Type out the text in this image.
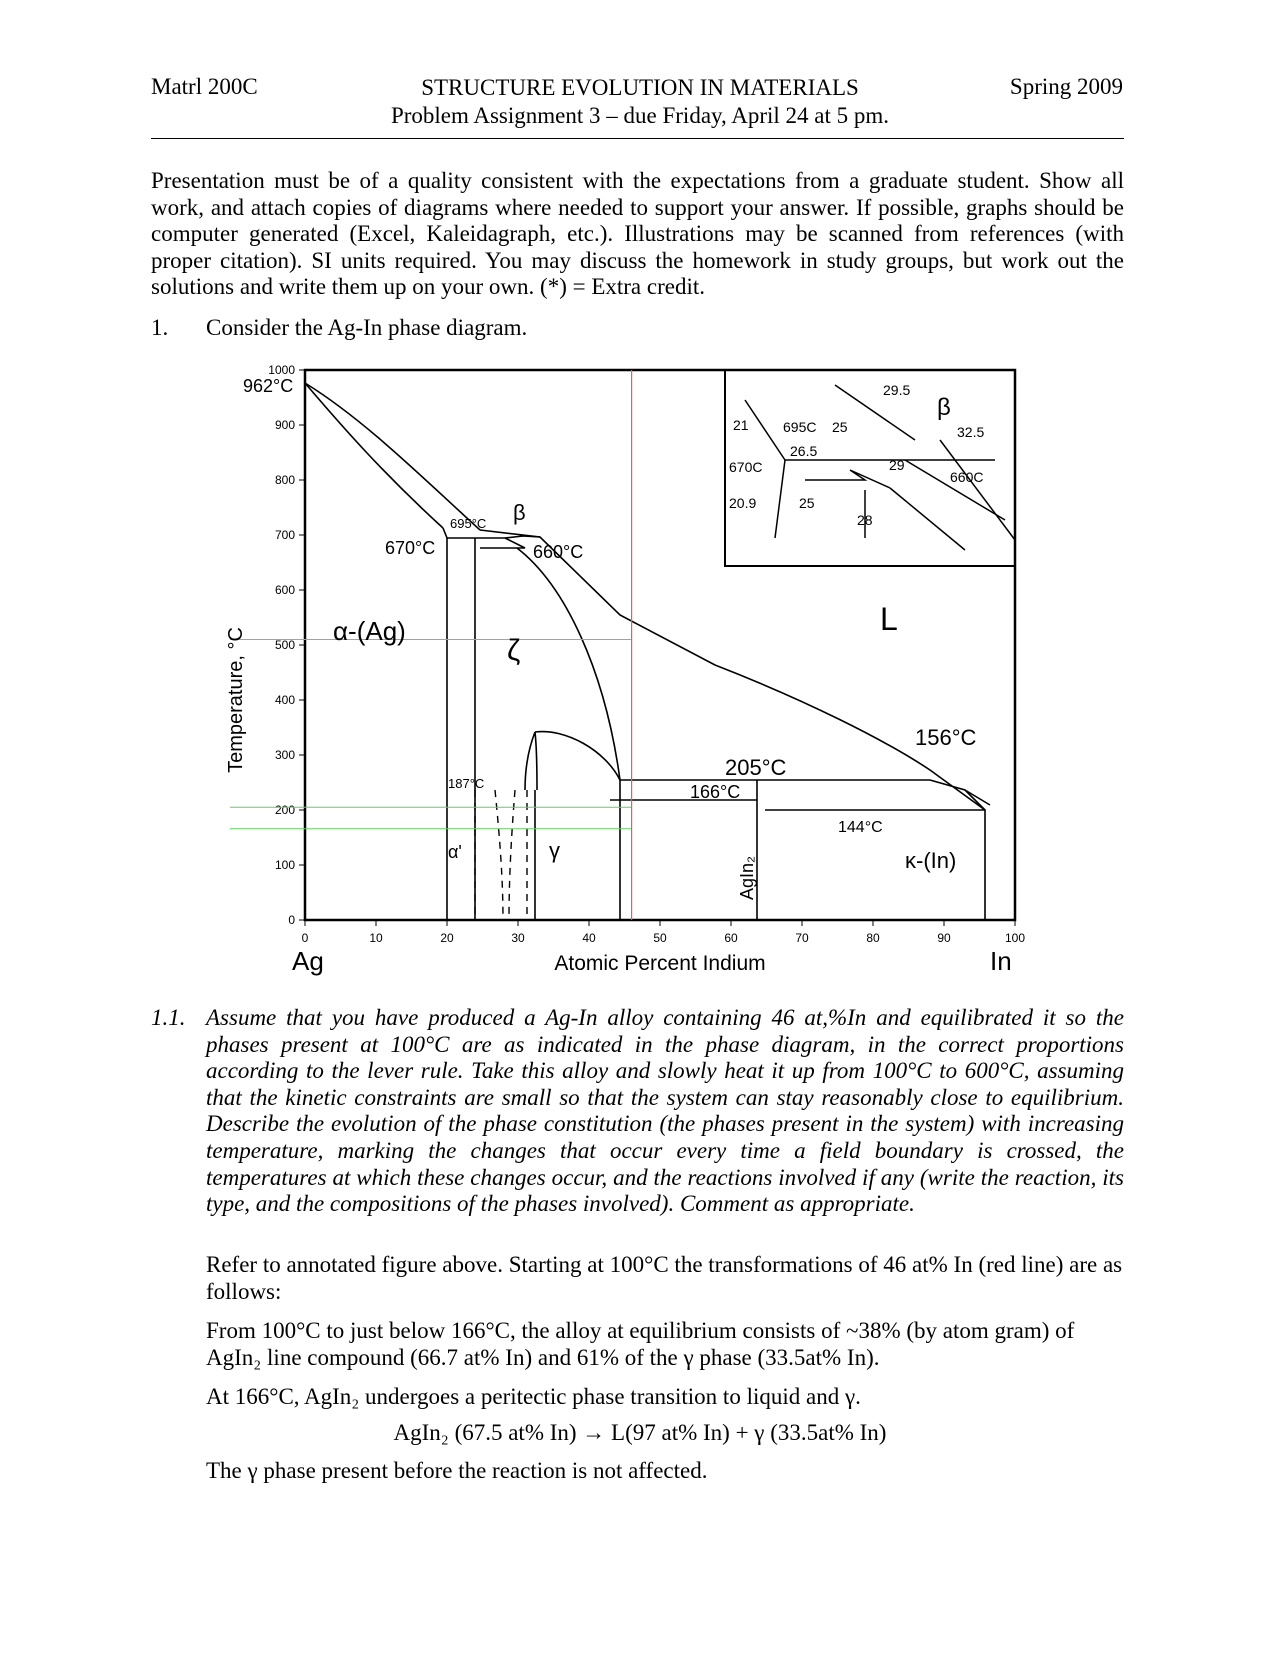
Matrl 200C	STRUCTURE EVOLUTION IN MATERIALS
Problem Assignment 3 – due Friday, April 24 at 5 pm.
Spring 2009
Presentation must be of a quality consistent with the expectations from a graduate student. Show all work, and attach copies of diagrams where needed to support your answer. If possible, graphs should be computer generated (Excel, Kaleidagraph, etc.). Illustrations may be scanned from references (with proper citation). SI units required. You may discuss the homework in study groups, but work out the solutions and write them up on your own. (*) = Extra credit.
1. Consider the Ag-In phase diagram.
0
100
200
300
400
500
600
700
800
900
1000
0	10	20	30	40	50	60	70	80	90	100
962°C
670°C
695°C
660°C
β
α-(Ag)
ζ
L
156°C
205°C
166°C
187°C
144°C
α'	γ
AgIn₂	κ-(In)
21 695C 25
26.5
670C
20.9	25
28
29
29.5
β
32.5
660C
Temperature, °C
Atomic Percent Indium
Ag	In
1.1. Assume that you have produced a Ag-In alloy containing 46 at,%In and equilibrated it so the phases present at 100°C are as indicated in the phase diagram, in the correct proportions according to the lever rule. Take this alloy and slowly heat it up from 100°C to 600°C, assuming that the kinetic constraints are small so that the system can stay reasonably close to equilibrium. Describe the evolution of the phase constitution (the phases present in the system) with increasing temperature, marking the changes that occur every time a field boundary is crossed, the temperatures at which these changes occur, and the reactions involved if any (write the reaction, its type, and the compositions of the phases involved). Comment as appropriate.
Refer to annotated figure above. Starting at 100°C the transformations of 46 at% In (red line) are as follows:
From 100°C to just below 166°C, the alloy at equilibrium consists of ~38% (by atom gram) of AgIn₂ line compound (66.7 at% In) and 61% of the γ phase (33.5at% In).
At 166°C, AgIn₂ undergoes a peritectic phase transition to liquid and γ.
AgIn₂ (67.5 at% In) → L(97 at% In) + γ (33.5at% In)
The γ phase present before the reaction is not affected.
